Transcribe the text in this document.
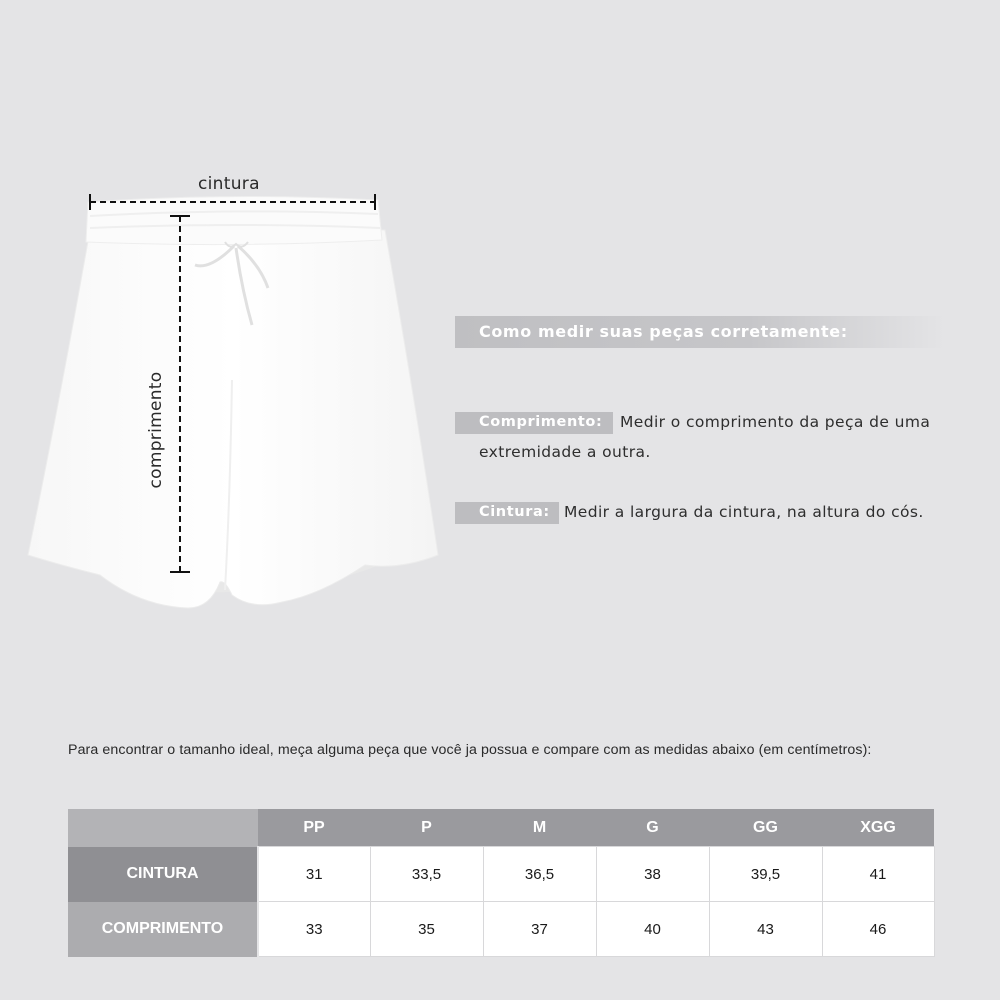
cintura
comprimento
Como medir suas peças corretamente:
Comprimento: Medir o comprimento da peça de uma
extremidade a outra.
Cintura: Medir a largura da cintura, na altura do cós.
Para encontrar o tamanho ideal, meça alguma peça que você ja possua e compare com as medidas abaixo (em centímetros):
	PP	P	M	G	GG	XGG
CINTURA	31	33,5	36,5	38	39,5	41
COMPRIMENTO	33	35	37	40	43	46
